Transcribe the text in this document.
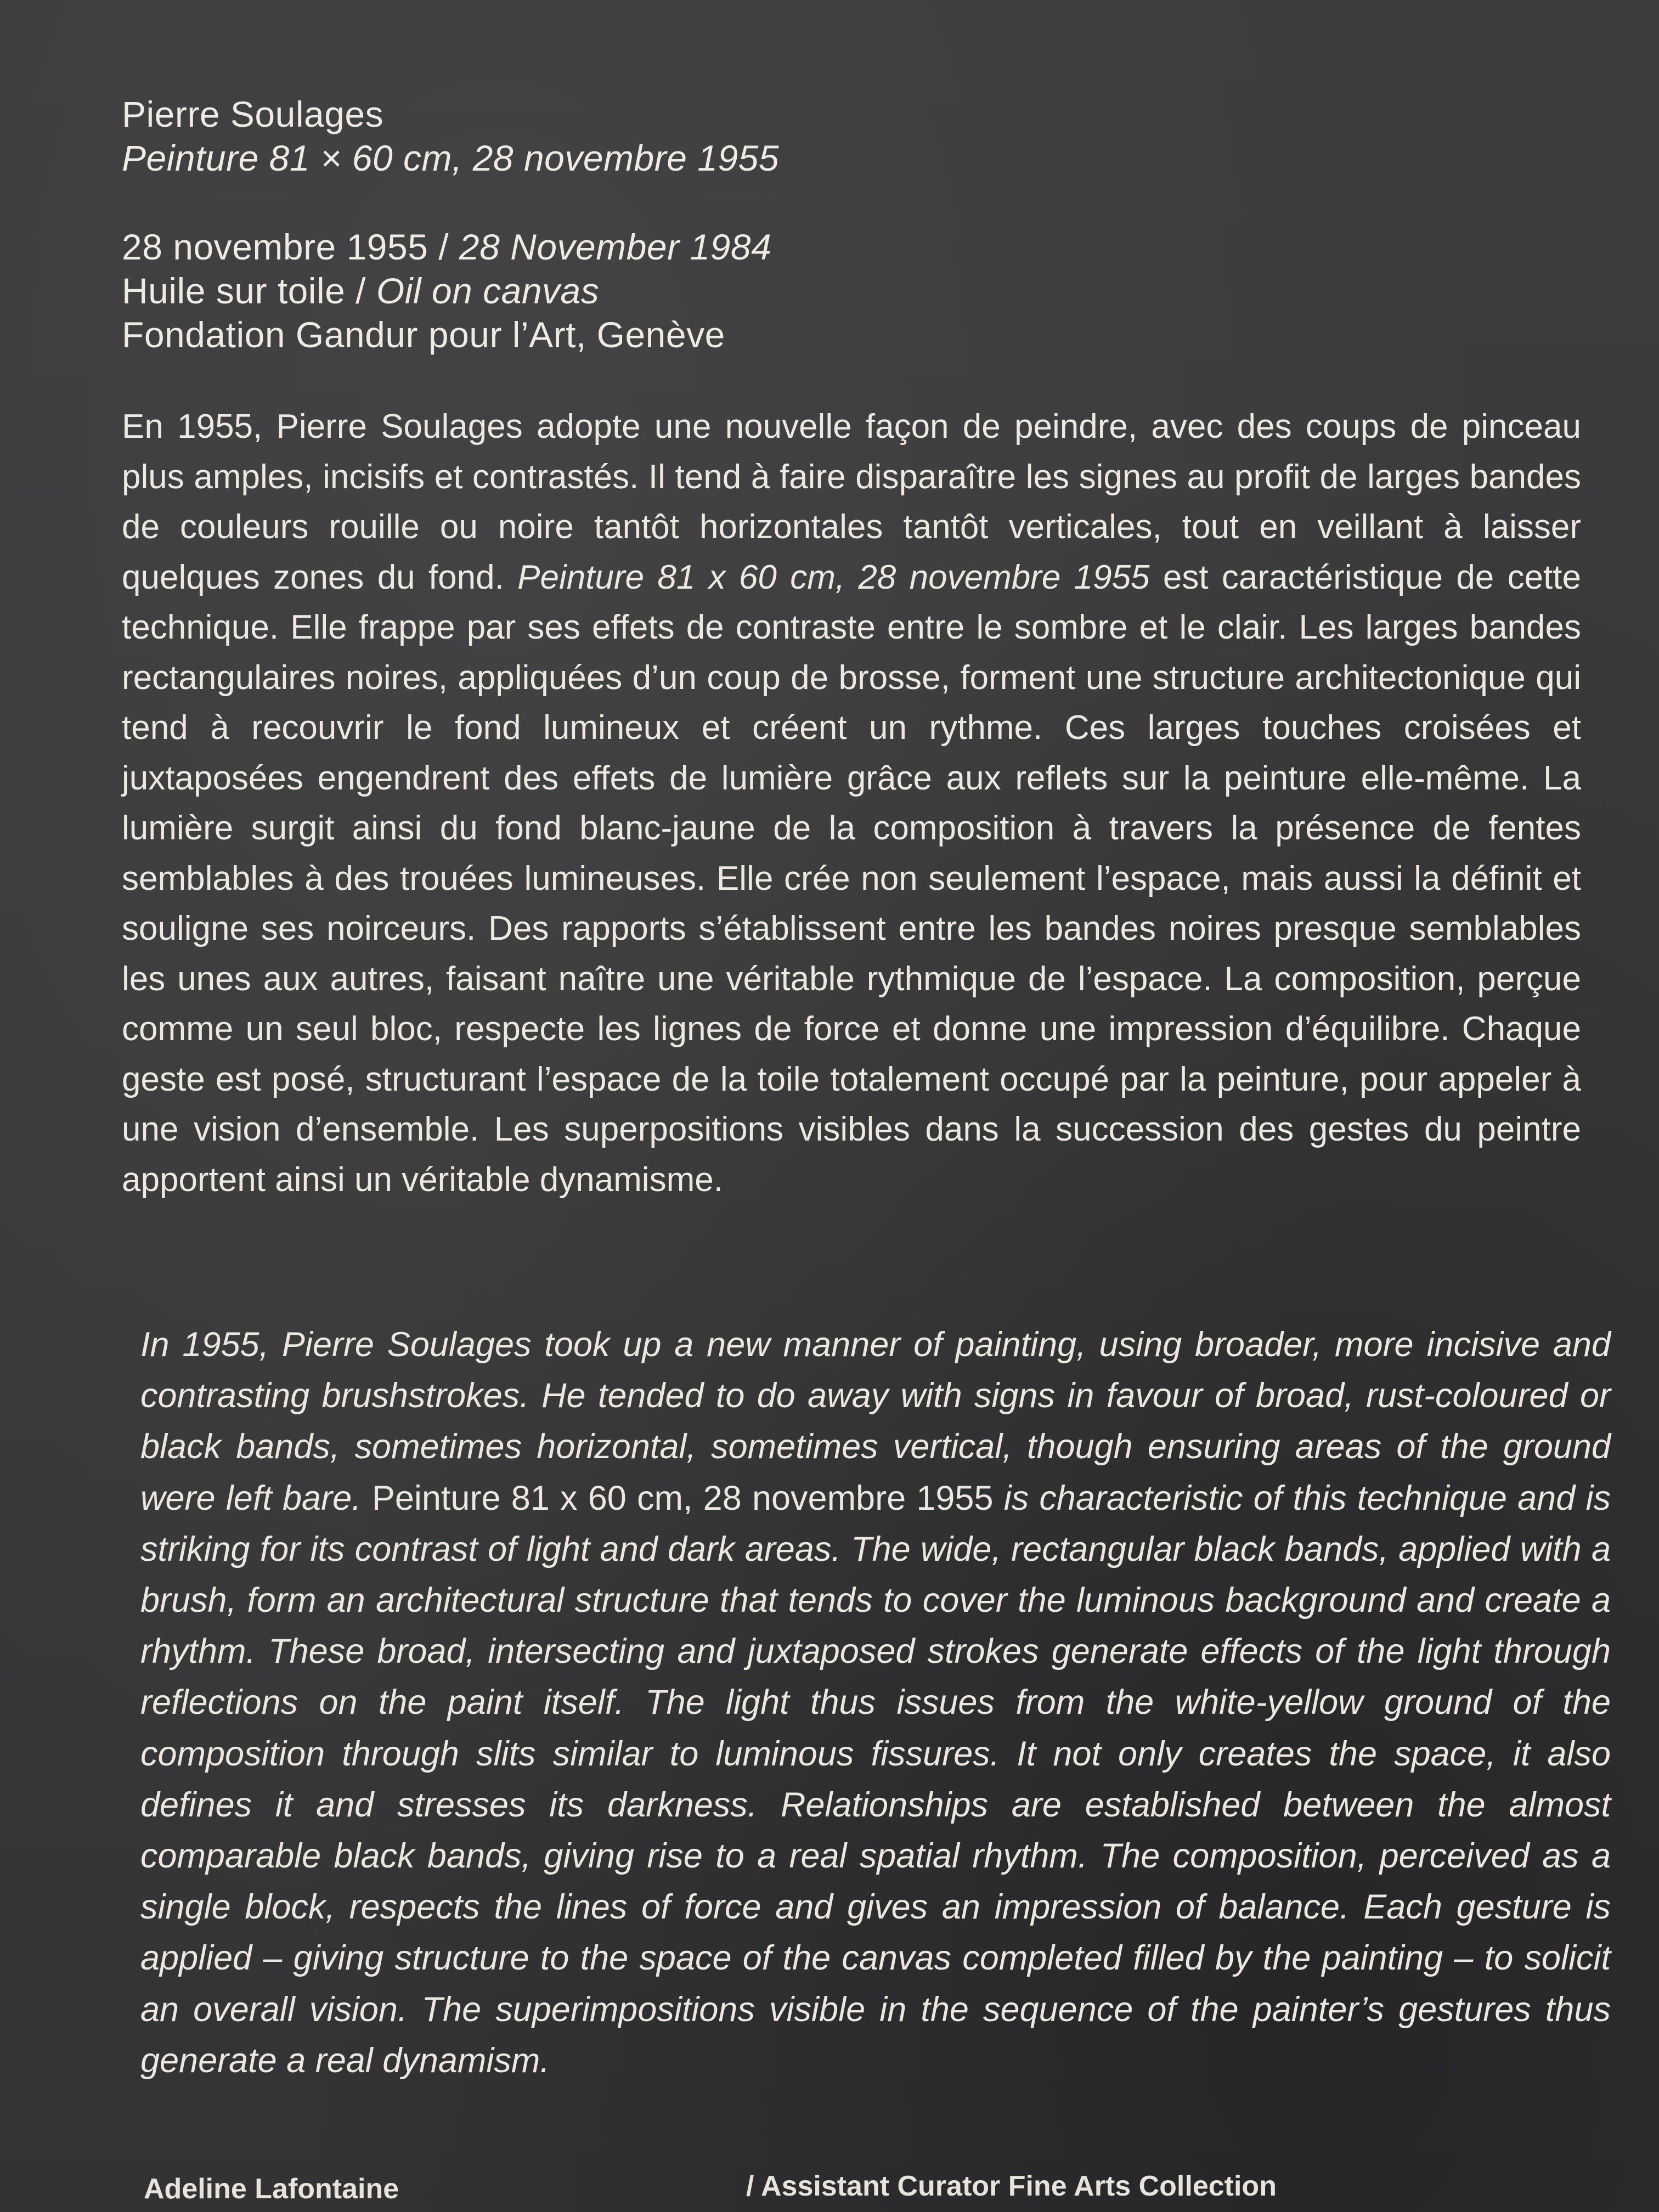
Pierre Soulages
Peinture 81 × 60 cm, 28 novembre 1955
28 novembre 1955 / 28 November 1984
Huile sur toile / Oil on canvas
Fondation Gandur pour l’Art, Genève

En 1955, Pierre Soulages adopte une nouvelle façon de peindre, avec des coups de pinceau plus amples, incisifs et contrastés. Il tend à faire disparaître les signes au profit de larges bandes de couleurs rouille ou noire tantôt horizontales tantôt verticales, tout en veillant à laisser quelques zones du fond. Peinture 81 x 60 cm, 28 novembre 1955 est caractéristique de cette technique. Elle frappe par ses effets de contraste entre le sombre et le clair. Les larges bandes rectangulaires noires, appliquées d’un coup de brosse, forment une structure architectonique qui tend à recouvrir le fond lumineux et créent un rythme. Ces larges touches croisées et juxtaposées engendrent des effets de lumière grâce aux reflets sur la peinture elle-même. La lumière surgit ainsi du fond blanc-jaune de la composition à travers la présence de fentes semblables à des trouées lumineuses. Elle crée non seulement l’espace, mais aussi la définit et souligne ses noirceurs. Des rapports s’établissent entre les bandes noires presque semblables les unes aux autres, faisant naître une véritable rythmique de l’espace. La composition, perçue comme un seul bloc, respecte les lignes de force et donne une impression d’équilibre. Chaque geste est posé, structurant l’espace de la toile totalement occupé par la peinture, pour appeler à une vision d’ensemble. Les superpositions visibles dans la succession des gestes du peintre apportent ainsi un véritable dynamisme.

In 1955, Pierre Soulages took up a new manner of painting, using broader, more incisive and contrasting brushstrokes. He tended to do away with signs in favour of broad, rust-coloured or black bands, sometimes horizontal, sometimes vertical, though ensuring areas of the ground were left bare. Peinture 81 x 60 cm, 28 novembre 1955 is characteristic of this technique and is striking for its contrast of light and dark areas. The wide, rectangular black bands, applied with a brush, form an architectural structure that tends to cover the luminous background and create a rhythm. These broad, intersecting and juxtaposed strokes generate effects of the light through reflections on the paint itself. The light thus issues from the white-yellow ground of the composition through slits similar to luminous fissures. It not only creates the space, it also defines it and stresses its darkness. Relationships are established between the almost comparable black bands, giving rise to a real spatial rhythm. The composition, perceived as a single block, respects the lines of force and gives an impression of balance. Each gesture is applied – giving structure to the space of the canvas completed filled by the painting – to solicit an overall vision. The superimpositions visible in the sequence of the painter’s gestures thus generate a real dynamism.

Adeline Lafontaine	/ Assistant Curator Fine Arts Collection
